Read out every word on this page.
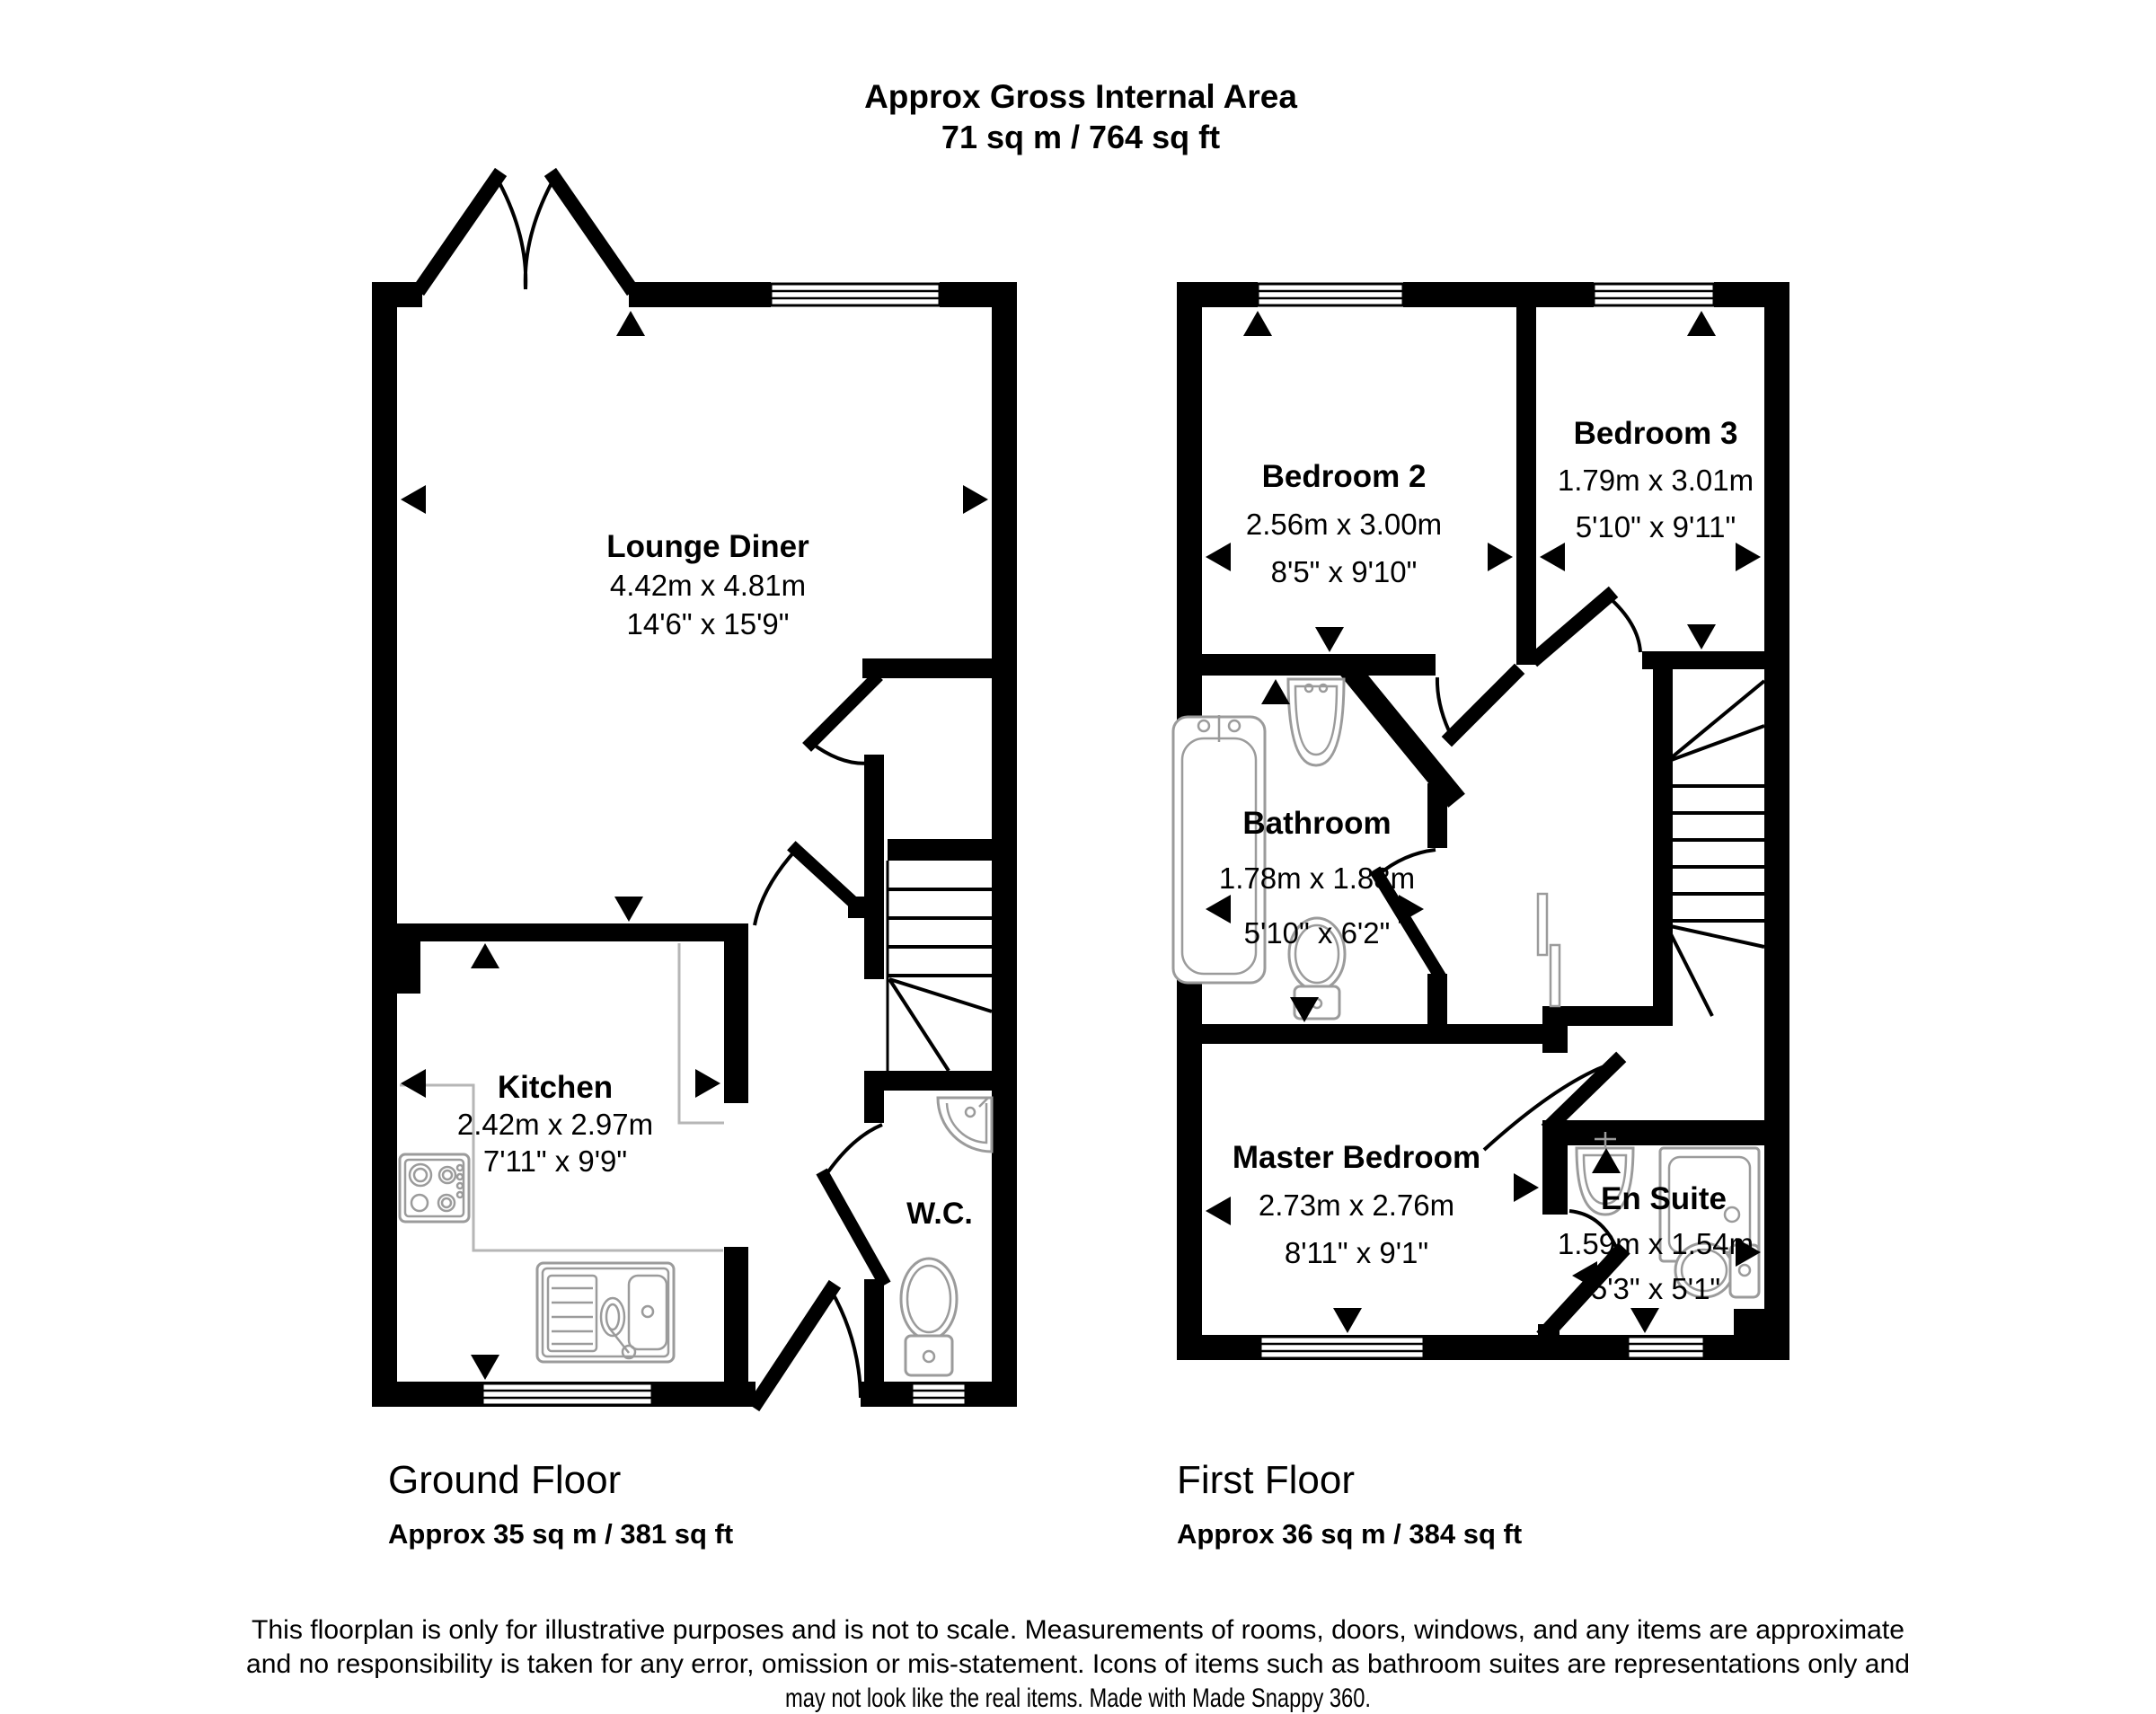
Approx Gross Internal Area
71 sq m / 764 sq ft
Lounge Diner
4.42m x 4.81m
14'6" x 15'9"
Kitchen
2.42m x 2.97m
7'11" x 9'9"
W.C.
Ground Floor
Approx 35 sq m / 381 sq ft
Bedroom 2
2.56m x 3.00m
8'5" x 9'10"
Bedroom 3
1.79m x 3.01m
5'10" x 9'11"
Bathroom
1.78m x 1.88m
5'10" x 6'2"
Master Bedroom
2.73m x 2.76m
8'11" x 9'1"
En Suite
1.59m x 1.54m
5'3" x 5'1"
First Floor
Approx 36 sq m / 384 sq ft
This floorplan is only for illustrative purposes and is not to scale. Measurements of rooms, doors, windows, and any items are approximate
and no responsibility is taken for any error, omission or mis-statement. Icons of items such as bathroom suites are representations only and
may not look like the real items. Made with Made Snappy 360.
